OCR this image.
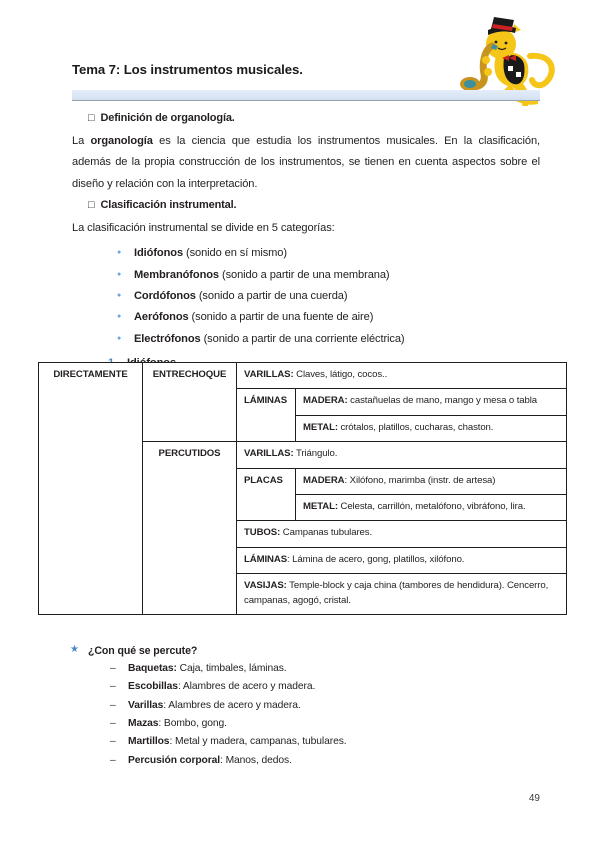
Tema 7: Los instrumentos musicales.
□ Definición de organología.

La organología es la ciencia que estudia los instrumentos musicales. En la clasificación, además de la propia construcción de los instrumentos, se tienen en cuenta aspectos sobre el diseño y relación con la interpretación.

□ Clasificación instrumental.

La clasificación instrumental se divide en 5 categorías:

● Idiófonos (sonido en sí mismo)
● Membranófonos (sonido a partir de una membrana)
● Cordófonos (sonido a partir de una cuerda)
● Aerófonos (sonido a partir de una fuente de aire)
● Electrófonos (sonido a partir de una corriente eléctrica)
DIRECTAMENTE	ENTRECHOQUE	VARILLAS: Claves, látigo, cocos..	
		LÁMINAS	MADERA: castañuelas de mano, mango y mesa o tabla
			METAL: crótalos, platillos, cucharas, chaston.
	PERCUTIDOS	VARILLAS: Triángulo.	
		PLACAS	MADERA: Xilófono, marimba (instr. de artesa)
			METAL: Celesta, carrillón, metalófono, vibráfono, lira.
		TUBOS: Campanas tubulares.	
		LÁMINAS: Lámina de acero, gong, platillos, xilófono.	
		VASIJAS: Temple-block y caja china (tambores de hendidura). Cencerro, campanas, agogó, cristal.	
★ ¿Con qué se percute?
– Baquetas: Caja, timbales, láminas.
– Escobillas: Alambres de acero y madera.
– Varillas: Alambres de acero y madera.
– Mazas: Bombo, gong.
– Martillos: Metal y madera, campanas, tubulares.
– Percusión corporal: Manos, dedos.
49
